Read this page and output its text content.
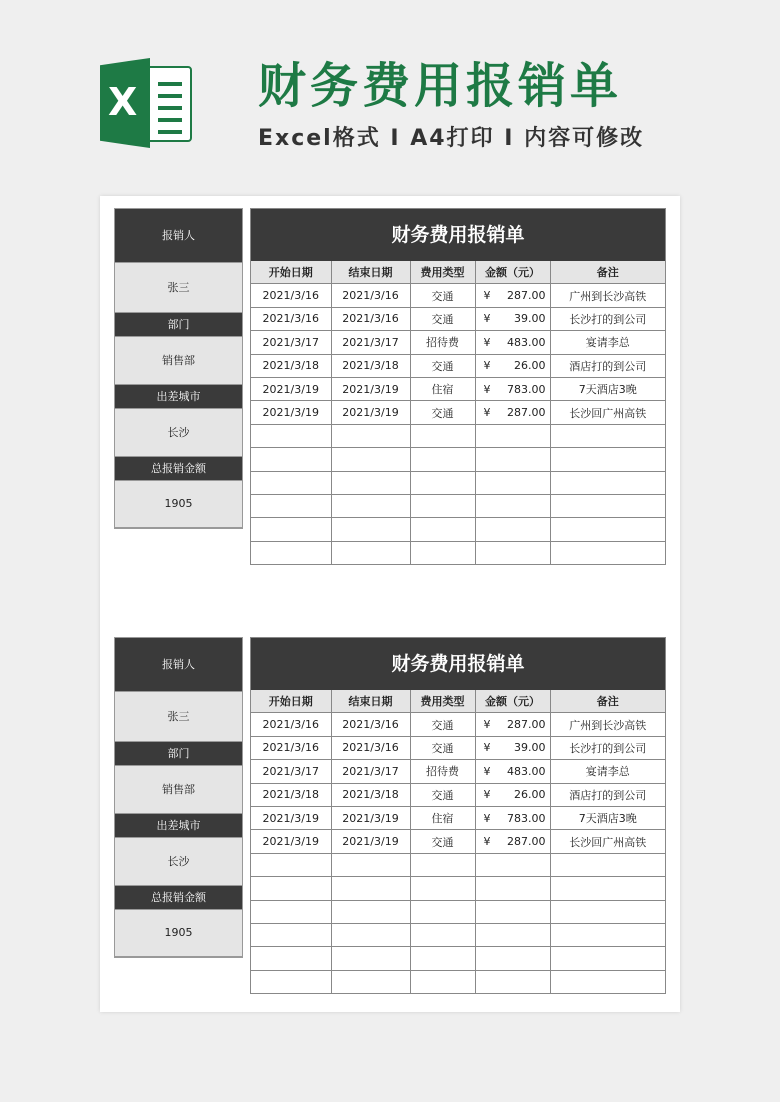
X	财务费用报销单
Excel格式 I A4打印 I 内容可修改
报销人
张三
部门
销售部
出差城市
长沙
总报销金额
1905
财务费用报销单
开始日期	结束日期	费用类型	金额（元）	备注
2021/3/16	2021/3/16	交通	¥ 287.00	广州到长沙高铁
2021/3/16	2021/3/16	交通	¥ 39.00	长沙打的到公司
2021/3/17	2021/3/17	招待费	¥ 483.00	宴请李总
2021/3/18	2021/3/18	交通	¥ 26.00	酒店打的到公司
2021/3/19	2021/3/19	住宿	¥ 783.00	7天酒店3晚
2021/3/19	2021/3/19	交通	¥ 287.00	长沙回广州高铁

报销人
张三
部门
销售部
出差城市
长沙
总报销金额
1905
财务费用报销单
开始日期	结束日期	费用类型	金额（元）	备注
2021/3/16	2021/3/16	交通	¥ 287.00	广州到长沙高铁
2021/3/16	2021/3/16	交通	¥ 39.00	长沙打的到公司
2021/3/17	2021/3/17	招待费	¥ 483.00	宴请李总
2021/3/18	2021/3/18	交通	¥ 26.00	酒店打的到公司
2021/3/19	2021/3/19	住宿	¥ 783.00	7天酒店3晚
2021/3/19	2021/3/19	交通	¥ 287.00	长沙回广州高铁
